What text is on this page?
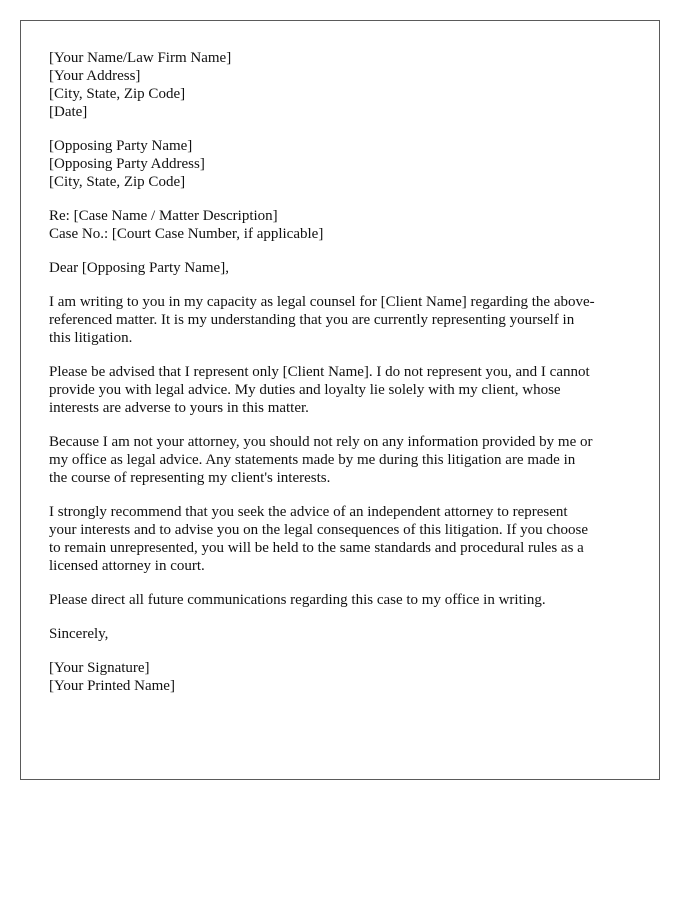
[Your Name/Law Firm Name]
[Your Address]
[City, State, Zip Code]
[Date]
[Opposing Party Name]
[Opposing Party Address]
[City, State, Zip Code]
Re: [Case Name / Matter Description]
Case No.: [Court Case Number, if applicable]
Dear [Opposing Party Name],

I am writing to you in my capacity as legal counsel for [Client Name] regarding the above-
referenced matter. It is my understanding that you are currently representing yourself in
this litigation.

Please be advised that I represent only [Client Name]. I do not represent you, and I cannot
provide you with legal advice. My duties and loyalty lie solely with my client, whose
interests are adverse to yours in this matter.

Because I am not your attorney, you should not rely on any information provided by me or
my office as legal advice. Any statements made by me during this litigation are made in
the course of representing my client's interests.

I strongly recommend that you seek the advice of an independent attorney to represent
your interests and to advise you on the legal consequences of this litigation. If you choose
to remain unrepresented, you will be held to the same standards and procedural rules as a
licensed attorney in court.

Please direct all future communications regarding this case to my office in writing.

Sincerely,
[Your Signature]
[Your Printed Name]
